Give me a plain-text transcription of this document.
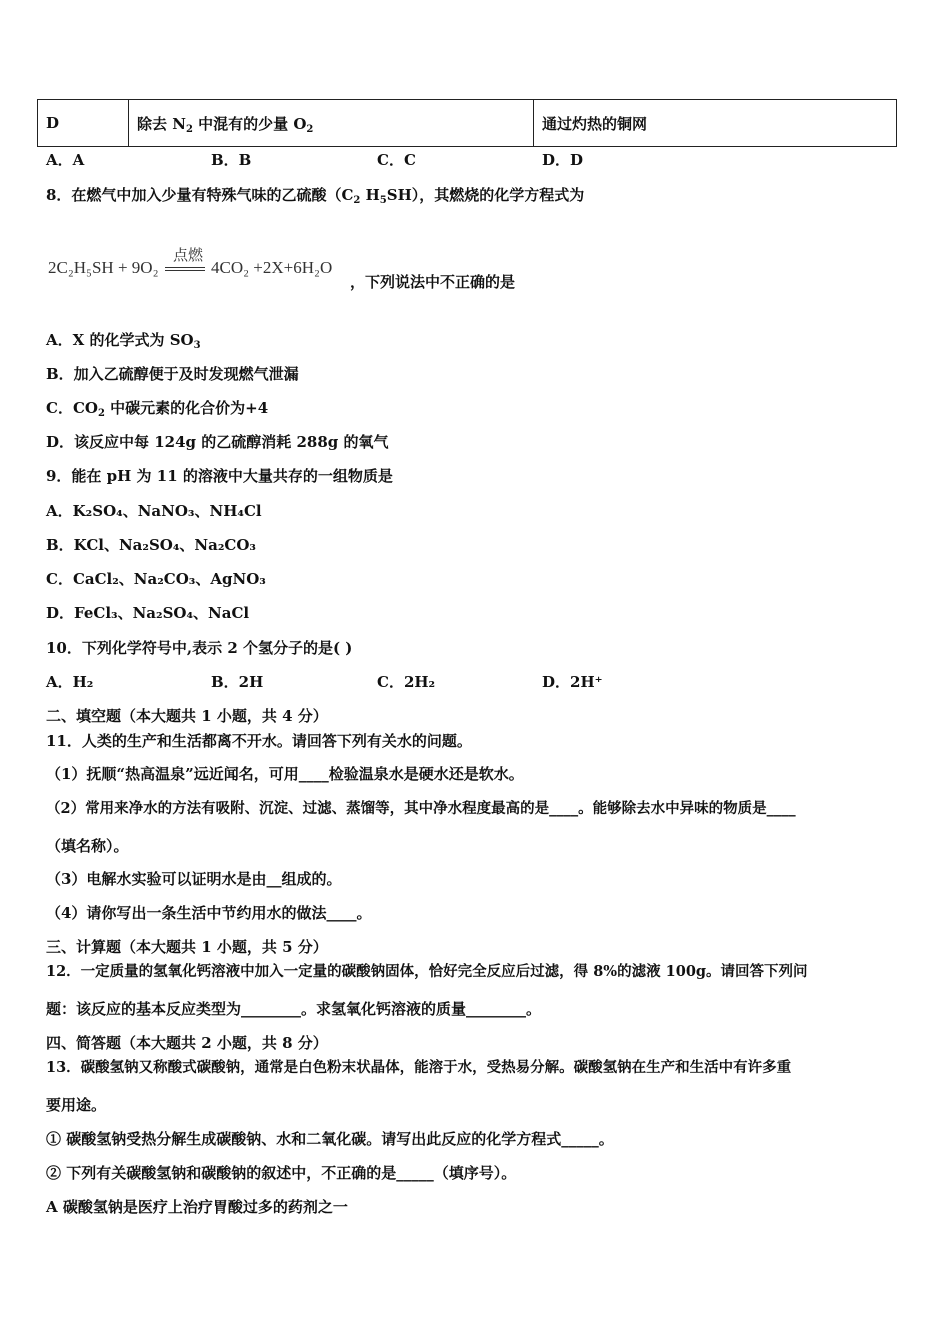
D	除去 $N_2$ 中混有的少量 $O_2$	通过灼热的铜网
A．A	B．B	C．C	D．D
8．在燃气中加入少量有特殊气味的乙硫酸（$C_2$ $H_5SH$），其燃烧的化学方程式为
2C₂H₅SH + 9O₂
点燃
4CO₂ +2X+6H₂O
，下列说法中不正确的是
A．X 的化学式为 $SO_3$
B．加入乙硫醇便于及时发现燃气泄漏
C．$CO_2$ 中碳元素的化合价为+4
D．该反应中每 124g 的乙硫醇消耗 288g 的氧气
9．能在 pH 为 11 的溶液中大量共存的一组物质是
A．K₂SO₄、NaNO₃、NH₄Cl
B．KCl、Na₂SO₄、Na₂CO₃
C．CaCl₂、Na₂CO₃、AgNO₃
D．FeCl₃、Na₂SO₄、NaCl
10．下列化学符号中,表示 2 个氢分子的是( )
A．H₂	B．2H	C．2H₂	D．2H⁺
二、填空题（本大题共 1 小题，共 4 分）
11．人类的生产和生活都离不开水。请回答下列有关水的问题。
（1）抚顺“热高温泉”远近闻名，可用____检验温泉水是硬水还是软水。
（2）常用来净水的方法有吸附、沉淀、过滤、蒸馏等，其中净水程度最高的是____。能够除去水中异味的物质是____
（填名称）。
（3）电解水实验可以证明水是由__组成的。
（4）请你写出一条生活中节约用水的做法____。
三、计算题（本大题共 1 小题，共 5 分）
12．一定质量的氢氧化钙溶液中加入一定量的碳酸钠固体，恰好完全反应后过滤，得 8%的滤液 100g。请回答下列问
题：该反应的基本反应类型为________。求氢氧化钙溶液的质量________。
四、简答题（本大题共 2 小题，共 8 分）
13．碳酸氢钠又称酸式碳酸钠，通常是白色粉末状晶体，能溶于水，受热易分解。碳酸氢钠在生产和生活中有许多重
要用途。
① 碳酸氢钠受热分解生成碳酸钠、水和二氧化碳。请写出此反应的化学方程式_____。
② 下列有关碳酸氢钠和碳酸钠的叙述中，不正确的是_____（填序号）。
A 碳酸氢钠是医疗上治疗胃酸过多的药剂之一
